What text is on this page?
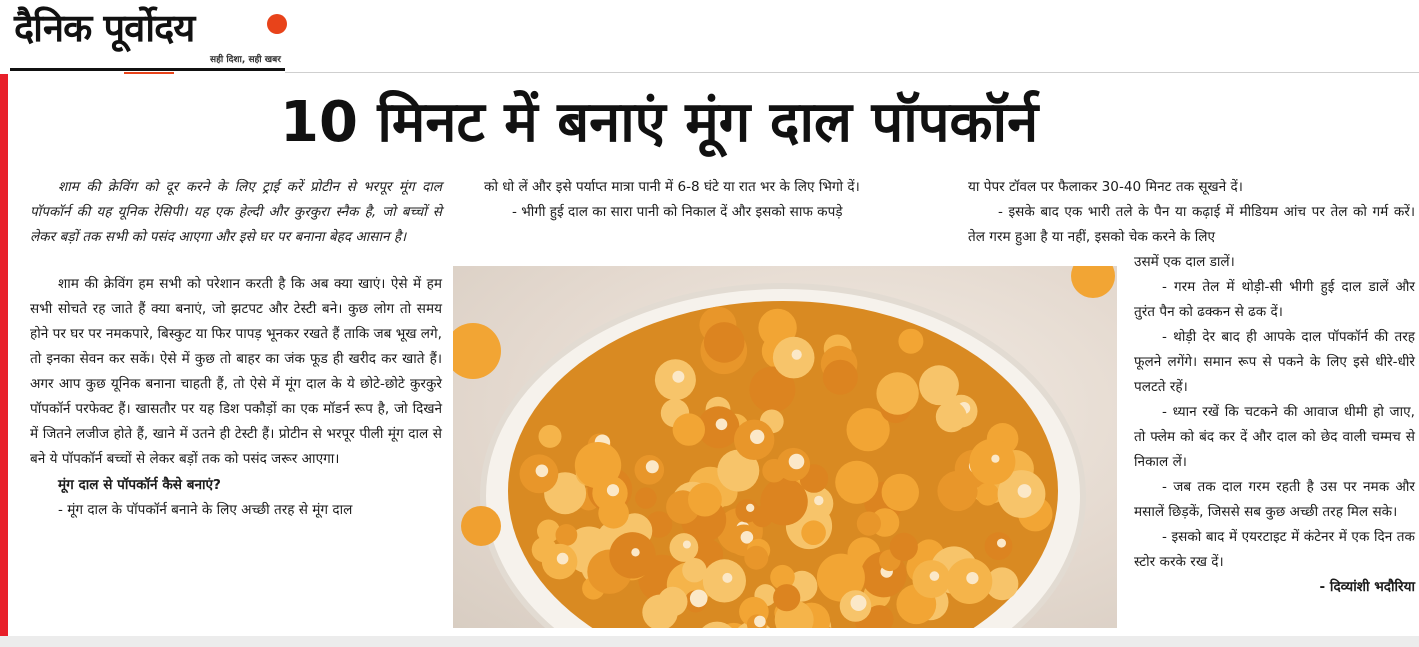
दैनिक पूर्वोदय
सही दिशा, सही खबर
10 मिनट में बनाएं मूंग दाल पॉपकॉर्न

शाम की क्रेविंग को दूर करने के लिए ट्राई करें प्रोटीन से भरपूर मूंग दाल पॉपकॉर्न की यह यूनिक रेसिपी। यह एक हेल्दी और कुरकुरा स्नैक है, जो बच्चों से लेकर बड़ों तक सभी को पसंद आएगा और इसे घर पर बनाना बेहद आसान है।

शाम की क्रेविंग हम सभी को परेशान करती है कि अब क्या खाएं। ऐसे में हम सभी सोचते रह जाते हैं क्या बनाएं, जो झटपट और टेस्टी बने। कुछ लोग तो समय होने पर घर पर नमकपारे, बिस्कुट या फिर पापड़ भूनकर रखते हैं ताकि जब भूख लगे, तो इनका सेवन कर सकें। ऐसे में कुछ तो बाहर का जंक फूड ही खरीद कर खाते हैं। अगर आप कुछ यूनिक बनाना चाहती हैं, तो ऐसे में मूंग दाल के ये छोटे-छोटे कुरकुरे पॉपकॉर्न परफेक्ट हैं। खासतौर पर यह डिश पकौड़ों का एक मॉडर्न रूप है, जो दिखने में जितने लजीज होते हैं, खाने में उतने ही टेस्टी हैं। प्रोटीन से भरपूर पीली मूंग दाल से बने ये पॉपकॉर्न बच्चों से लेकर बड़ों तक को पसंद जरूर आएगा।

मूंग दाल से पॉपकॉर्न कैसे बनाएं?

- मूंग दाल के पॉपकॉर्न बनाने के लिए अच्छी तरह से मूंग दाल

को धो लें और इसे पर्याप्त मात्रा पानी में 6-8 घंटे या रात भर के लिए भिगो दें।

- भीगी हुई दाल का सारा पानी को निकाल दें और इसको साफ कपड़े

या पेपर टॉवल पर फैलाकर 30-40 मिनट तक सूखने दें।

- इसके बाद एक भारी तले के पैन या कढ़ाई में मीडियम आंच पर तेल को गर्म करें। तेल गरम हुआ है या नहीं, इसको चेक करने के लिए

उसमें एक दाल डालें।

- गरम तेल में थोड़ी-सी भीगी हुई दाल डालें और तुरंत पैन को ढक्कन से ढक दें।

- थोड़ी देर बाद ही आपके दाल पॉपकॉर्न की तरह फूलने लगेंगे। समान रूप से पकने के लिए इसे धीरे-धीरे पलटते रहें।

- ध्यान रखें कि चटकने की आवाज धीमी हो जाए, तो फ्लेम को बंद कर दें और दाल को छेद वाली चम्मच से निकाल लें।

- जब तक दाल गरम रहती है उस पर नमक और मसालें छिड़कें, जिससे सब कुछ अच्छी तरह मिल सके।

- इसको बाद में एयरटाइट में कंटेनर में एक दिन तक स्टोर करके रख दें।

- दिव्यांशी भदौरिया
